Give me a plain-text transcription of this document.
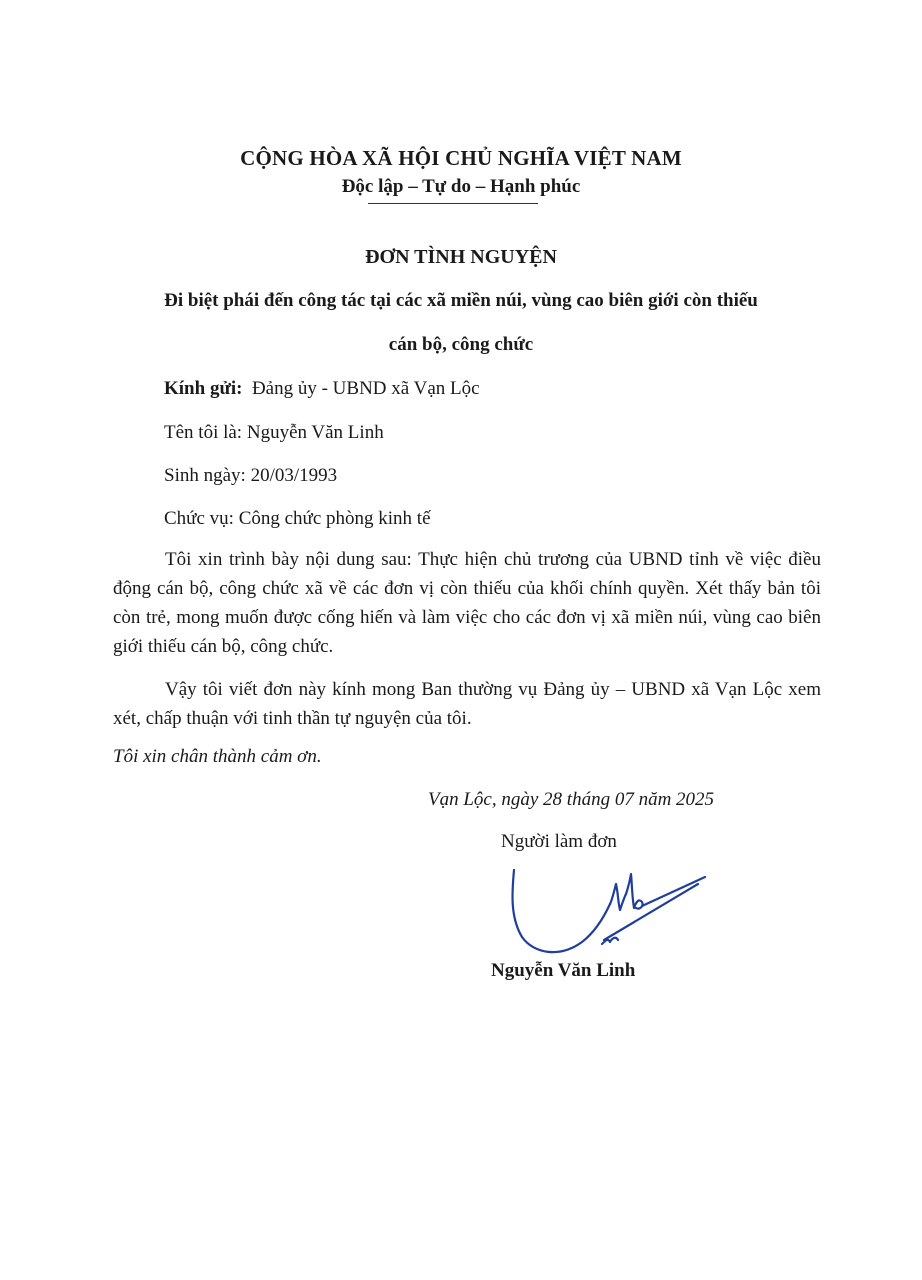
CỘNG HÒA XÃ HỘI CHỦ NGHĨA VIỆT NAM
Độc lập – Tự do – Hạnh phúc
ĐƠN TÌNH NGUYỆN
Đi biệt phái đến công tác tại các xã miền núi, vùng cao biên giới còn thiếu
cán bộ, công chức
Kính gửi: Đảng ủy - UBND xã Vạn Lộc
Tên tôi là: Nguyễn Văn Linh
Sinh ngày: 20/03/1993
Chức vụ: Công chức phòng kinh tế
Tôi xin trình bày nội dung sau: Thực hiện chủ trương của UBND tỉnh về việc điều động cán bộ, công chức xã về các đơn vị còn thiếu của khối chính quyền. Xét thấy bản tôi còn trẻ, mong muốn được cống hiến và làm việc cho các đơn vị xã miền núi, vùng cao biên giới thiếu cán bộ, công chức.
Vậy tôi viết đơn này kính mong Ban thường vụ Đảng ủy – UBND xã Vạn Lộc xem xét, chấp thuận với tinh thần tự nguyện của tôi.
Tôi xin chân thành cảm ơn.
Vạn Lộc, ngày 28 tháng 07 năm 2025
Người làm đơn
Nguyễn Văn Linh
